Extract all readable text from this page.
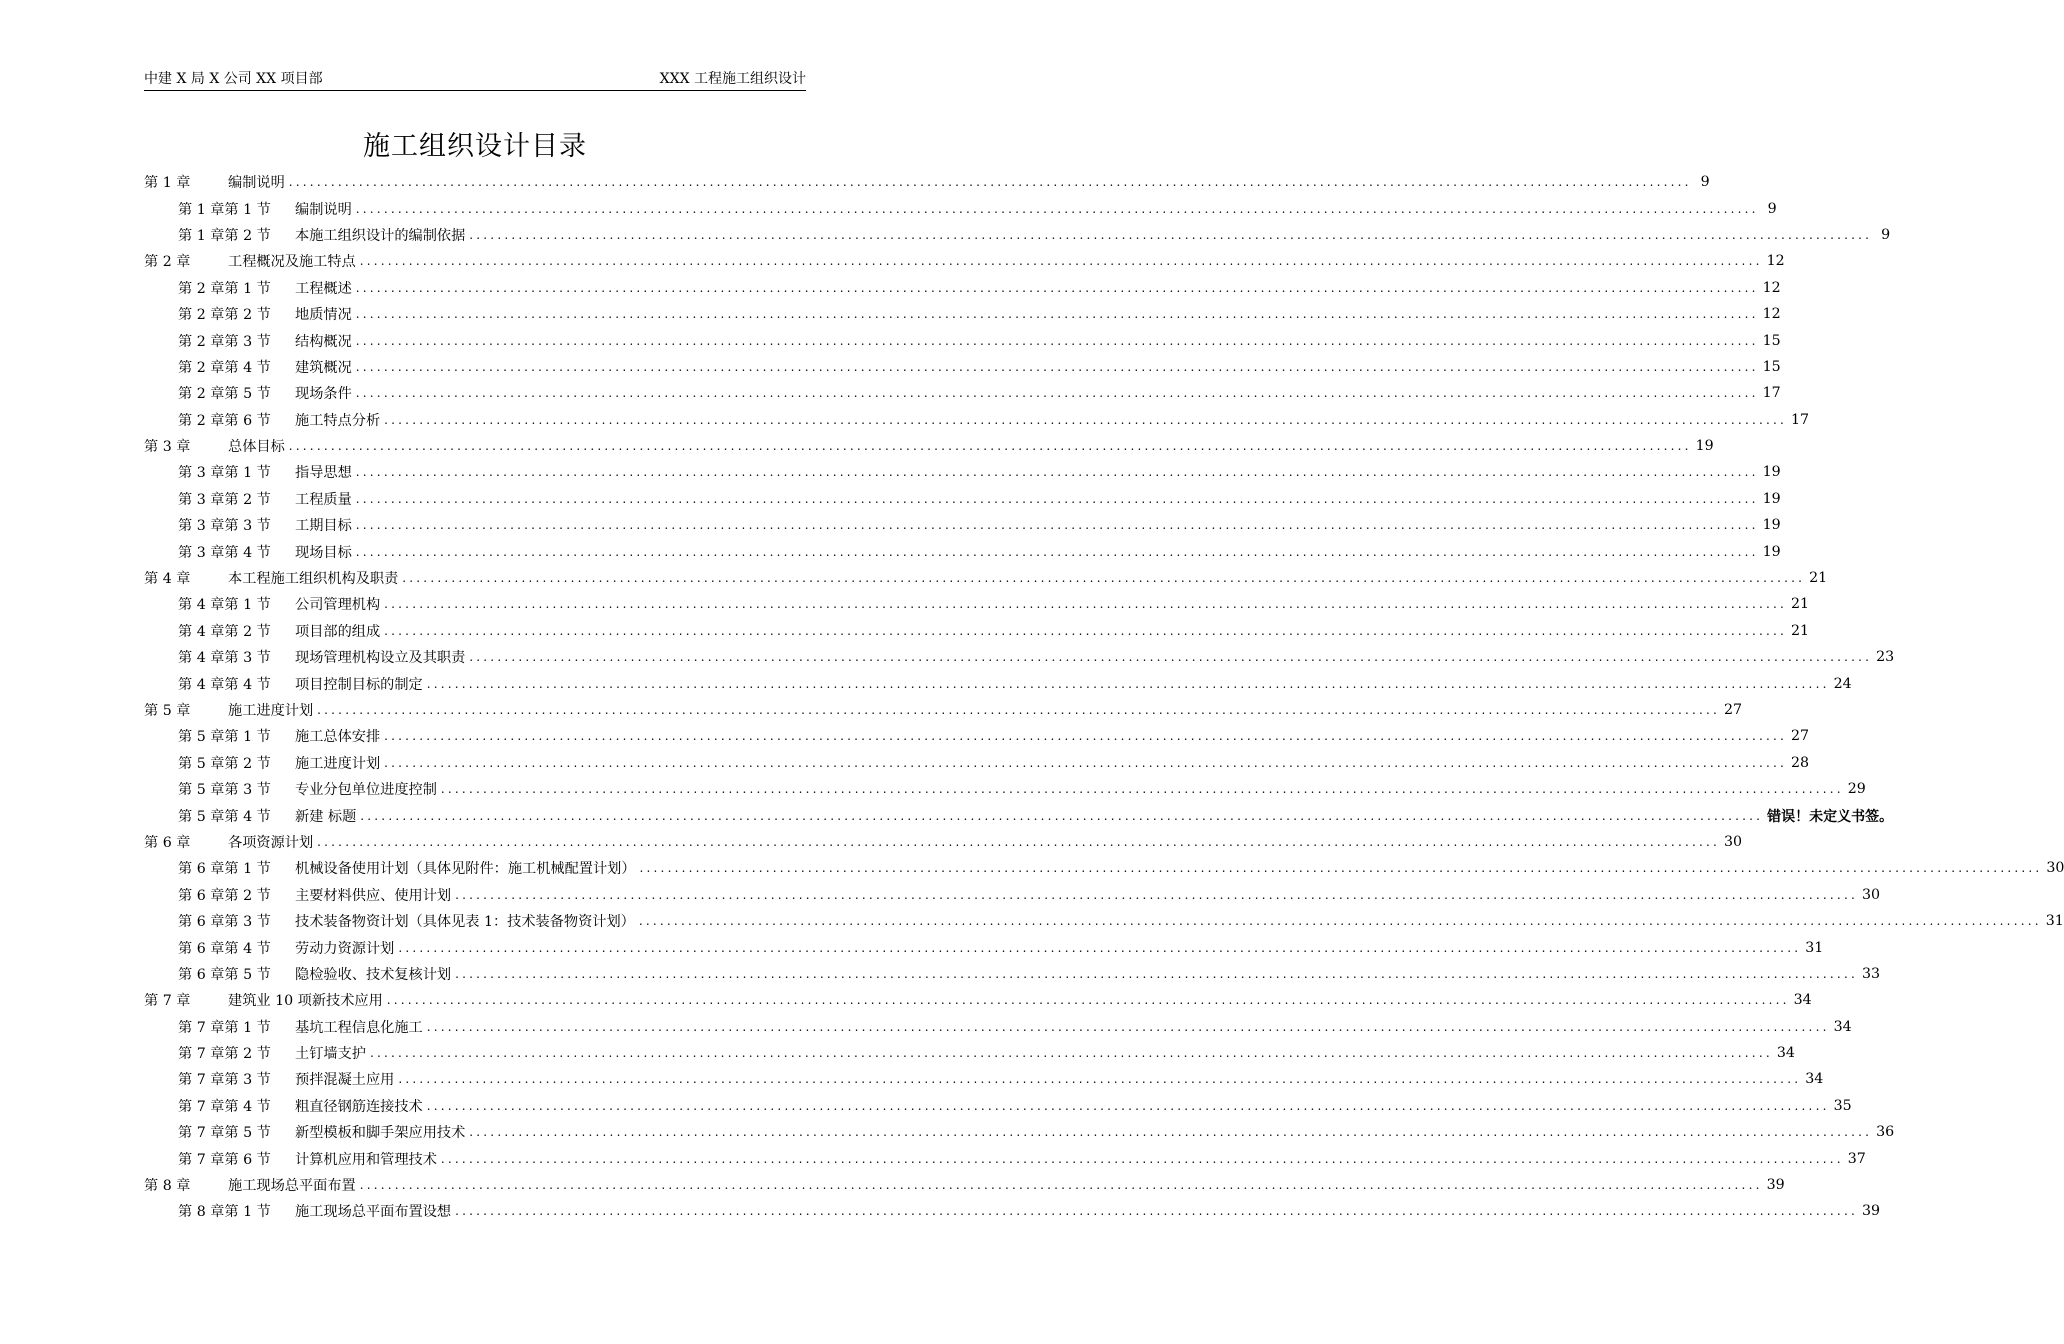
中建 X 局 X 公司 XX 项目部	XXX 工程施工组织设计
施工组织设计目录
第 1 章	编制说明 ........................................................................................................................................................................................................ 9
第 1 章第 1 节	编制说明 ........................................................................................................................................................................................................ 9
第 1 章第 2 节	本施工组织设计的编制依据 ........................................................................................................................................................................................................ 9
第 2 章	工程概况及施工特点 ........................................................................................................................................................................................................ 12
第 2 章第 1 节	工程概述 ........................................................................................................................................................................................................ 12
第 2 章第 2 节	地质情况 ........................................................................................................................................................................................................ 12
第 2 章第 3 节	结构概况 ........................................................................................................................................................................................................ 15
第 2 章第 4 节	建筑概况 ........................................................................................................................................................................................................ 15
第 2 章第 5 节	现场条件 ........................................................................................................................................................................................................ 17
第 2 章第 6 节	施工特点分析 ........................................................................................................................................................................................................ 17
第 3 章	总体目标 ........................................................................................................................................................................................................ 19
第 3 章第 1 节	指导思想 ........................................................................................................................................................................................................ 19
第 3 章第 2 节	工程质量 ........................................................................................................................................................................................................ 19
第 3 章第 3 节	工期目标 ........................................................................................................................................................................................................ 19
第 3 章第 4 节	现场目标 ........................................................................................................................................................................................................ 19
第 4 章	本工程施工组织机构及职责 ........................................................................................................................................................................................................ 21
第 4 章第 1 节	公司管理机构 ........................................................................................................................................................................................................ 21
第 4 章第 2 节	项目部的组成 ........................................................................................................................................................................................................ 21
第 4 章第 3 节	现场管理机构设立及其职责 ........................................................................................................................................................................................................ 23
第 4 章第 4 节	项目控制目标的制定 ........................................................................................................................................................................................................ 24
第 5 章	施工进度计划 ........................................................................................................................................................................................................ 27
第 5 章第 1 节	施工总体安排 ........................................................................................................................................................................................................ 27
第 5 章第 2 节	施工进度计划 ........................................................................................................................................................................................................ 28
第 5 章第 3 节	专业分包单位进度控制 ........................................................................................................................................................................................................ 29
第 5 章第 4 节	新建 标题 ........................................................................................................................................................................................................ 错误！未定义书签。
第 6 章	各项资源计划 ........................................................................................................................................................................................................ 30
第 6 章第 1 节	机械设备使用计划（具体见附件：施工机械配置计划） ........................................................................................................................................................................................................ 30
第 6 章第 2 节	主要材料供应、使用计划 ........................................................................................................................................................................................................ 30
第 6 章第 3 节	技术装备物资计划（具体见表 1：技术装备物资计划） ........................................................................................................................................................................................................ 31
第 6 章第 4 节	劳动力资源计划 ........................................................................................................................................................................................................ 31
第 6 章第 5 节	隐检验收、技术复核计划 ........................................................................................................................................................................................................ 33
第 7 章	建筑业 10 项新技术应用 ........................................................................................................................................................................................................ 34
第 7 章第 1 节	基坑工程信息化施工 ........................................................................................................................................................................................................ 34
第 7 章第 2 节	土钉墙支护 ........................................................................................................................................................................................................ 34
第 7 章第 3 节	预拌混凝土应用 ........................................................................................................................................................................................................ 34
第 7 章第 4 节	粗直径钢筋连接技术 ........................................................................................................................................................................................................ 35
第 7 章第 5 节	新型模板和脚手架应用技术 ........................................................................................................................................................................................................ 36
第 7 章第 6 节	计算机应用和管理技术 ........................................................................................................................................................................................................ 37
第 8 章	施工现场总平面布置 ........................................................................................................................................................................................................ 39
第 8 章第 1 节	施工现场总平面布置设想 ........................................................................................................................................................................................................ 39
